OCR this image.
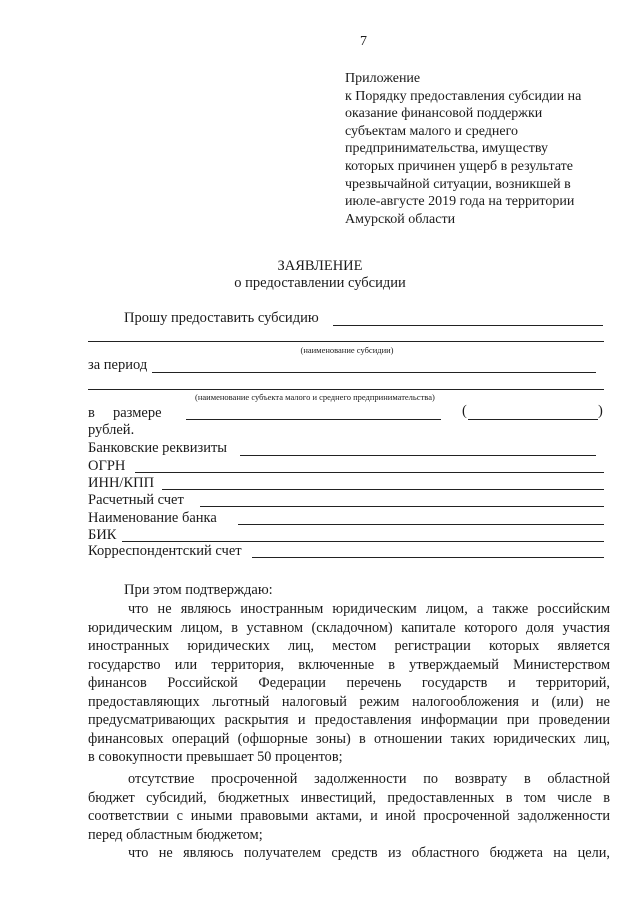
7
Приложение
к Порядку предоставления субсидии на
оказание финансовой поддержки
субъектам малого и среднего
предпринимательства, имуществу
которых причинен ущерб в результате
чрезвычайной ситуации, возникшей в
июле-августе 2019 года на территории
Амурской области
ЗАЯВЛЕНИЕ
о предоставлении субсидии
Прошу предоставить субсидию
(наименование субсидии)
за период
(наименование субъекта малого и среднего предпринимательства)
в размере	(	)
рублей.
Банковские реквизиты
ОГРН
ИНН/КПП
Расчетный счет
Наименование банка
БИК
Корреспондентский счет
При этом подтверждаю:
что не являюсь иностранным юридическим лицом, а также российским
юридическим лицом, в уставном (складочном) капитале которого доля участия
иностранных юридических лиц, местом регистрации которых является
государство или территория, включенные в утверждаемый Министерством
финансов Российской Федерации перечень государств и территорий,
предоставляющих льготный налоговый режим налогообложения и (или) не
предусматривающих раскрытия и предоставления информации при проведении
финансовых операций (офшорные зоны) в отношении таких юридических лиц,
в совокупности превышает 50 процентов;
отсутствие просроченной задолженности по возврату в областной
бюджет субсидий, бюджетных инвестиций, предоставленных в том числе в
соответствии с иными правовыми актами, и иной просроченной задолженности
перед областным бюджетом;
что не являюсь получателем средств из областного бюджета на цели,
